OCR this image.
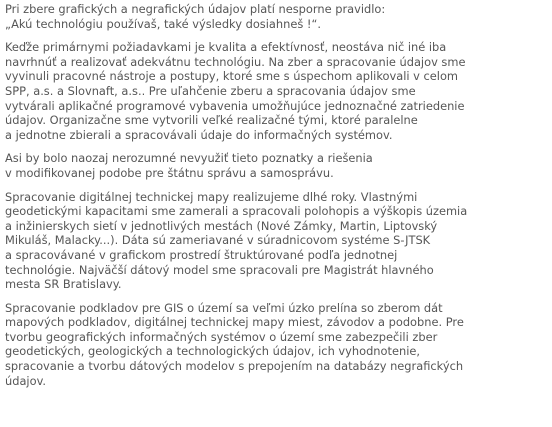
Pri zbere grafických a negrafických údajov platí nesporne pravidlo:
„Akú technológiu používaš, také výsledky dosiahneš !“.

Keďže primárnymi požiadavkami je kvalita a efektívnosť, neostáva nič iné iba
navrhnúť a realizovať adekvátnu technológiu. Na zber a spracovanie údajov sme
vyvinuli pracovné nástroje a postupy, ktoré sme s úspechom aplikovali v celom
SPP, a.s. a Slovnaft, a.s.. Pre uľahčenie zberu a spracovania údajov sme
vytvárali aplikačné programové vybavenia umožňujúce jednoznačné zatriedenie
údajov. Organizačne sme vytvorili veľké realizačné tými, ktoré paralelne
a jednotne zbierali a spracovávali údaje do informačných systémov.

Asi by bolo naozaj nerozumné nevyužiť tieto poznatky a riešenia
v modifikovanej podobe pre štátnu správu a samosprávu.

Spracovanie digitálnej technickej mapy realizujeme dlhé roky. Vlastnými
geodetickými kapacitami sme zamerali a spracovali polohopis a výškopis územia
a inžinierskych sietí v jednotlivých mestách (Nové Zámky, Martin, Liptovský
Mikuláš, Malacky...). Dáta sú zameriavané v súradnicovom systéme S-JTSK
a spracovávané v grafickom prostredí štruktúrované podľa jednotnej
technológie. Najväčší dátový model sme spracovali pre Magistrát hlavného
mesta SR Bratislavy.

Spracovanie podkladov pre GIS o území sa veľmi úzko prelína so zberom dát
mapových podkladov, digitálnej technickej mapy miest, závodov a podobne. Pre
tvorbu geografických informačných systémov o území sme zabezpečili zber
geodetických, geologických a technologických údajov, ich vyhodnotenie,
spracovanie a tvorbu dátových modelov s prepojením na databázy negrafických
údajov.
